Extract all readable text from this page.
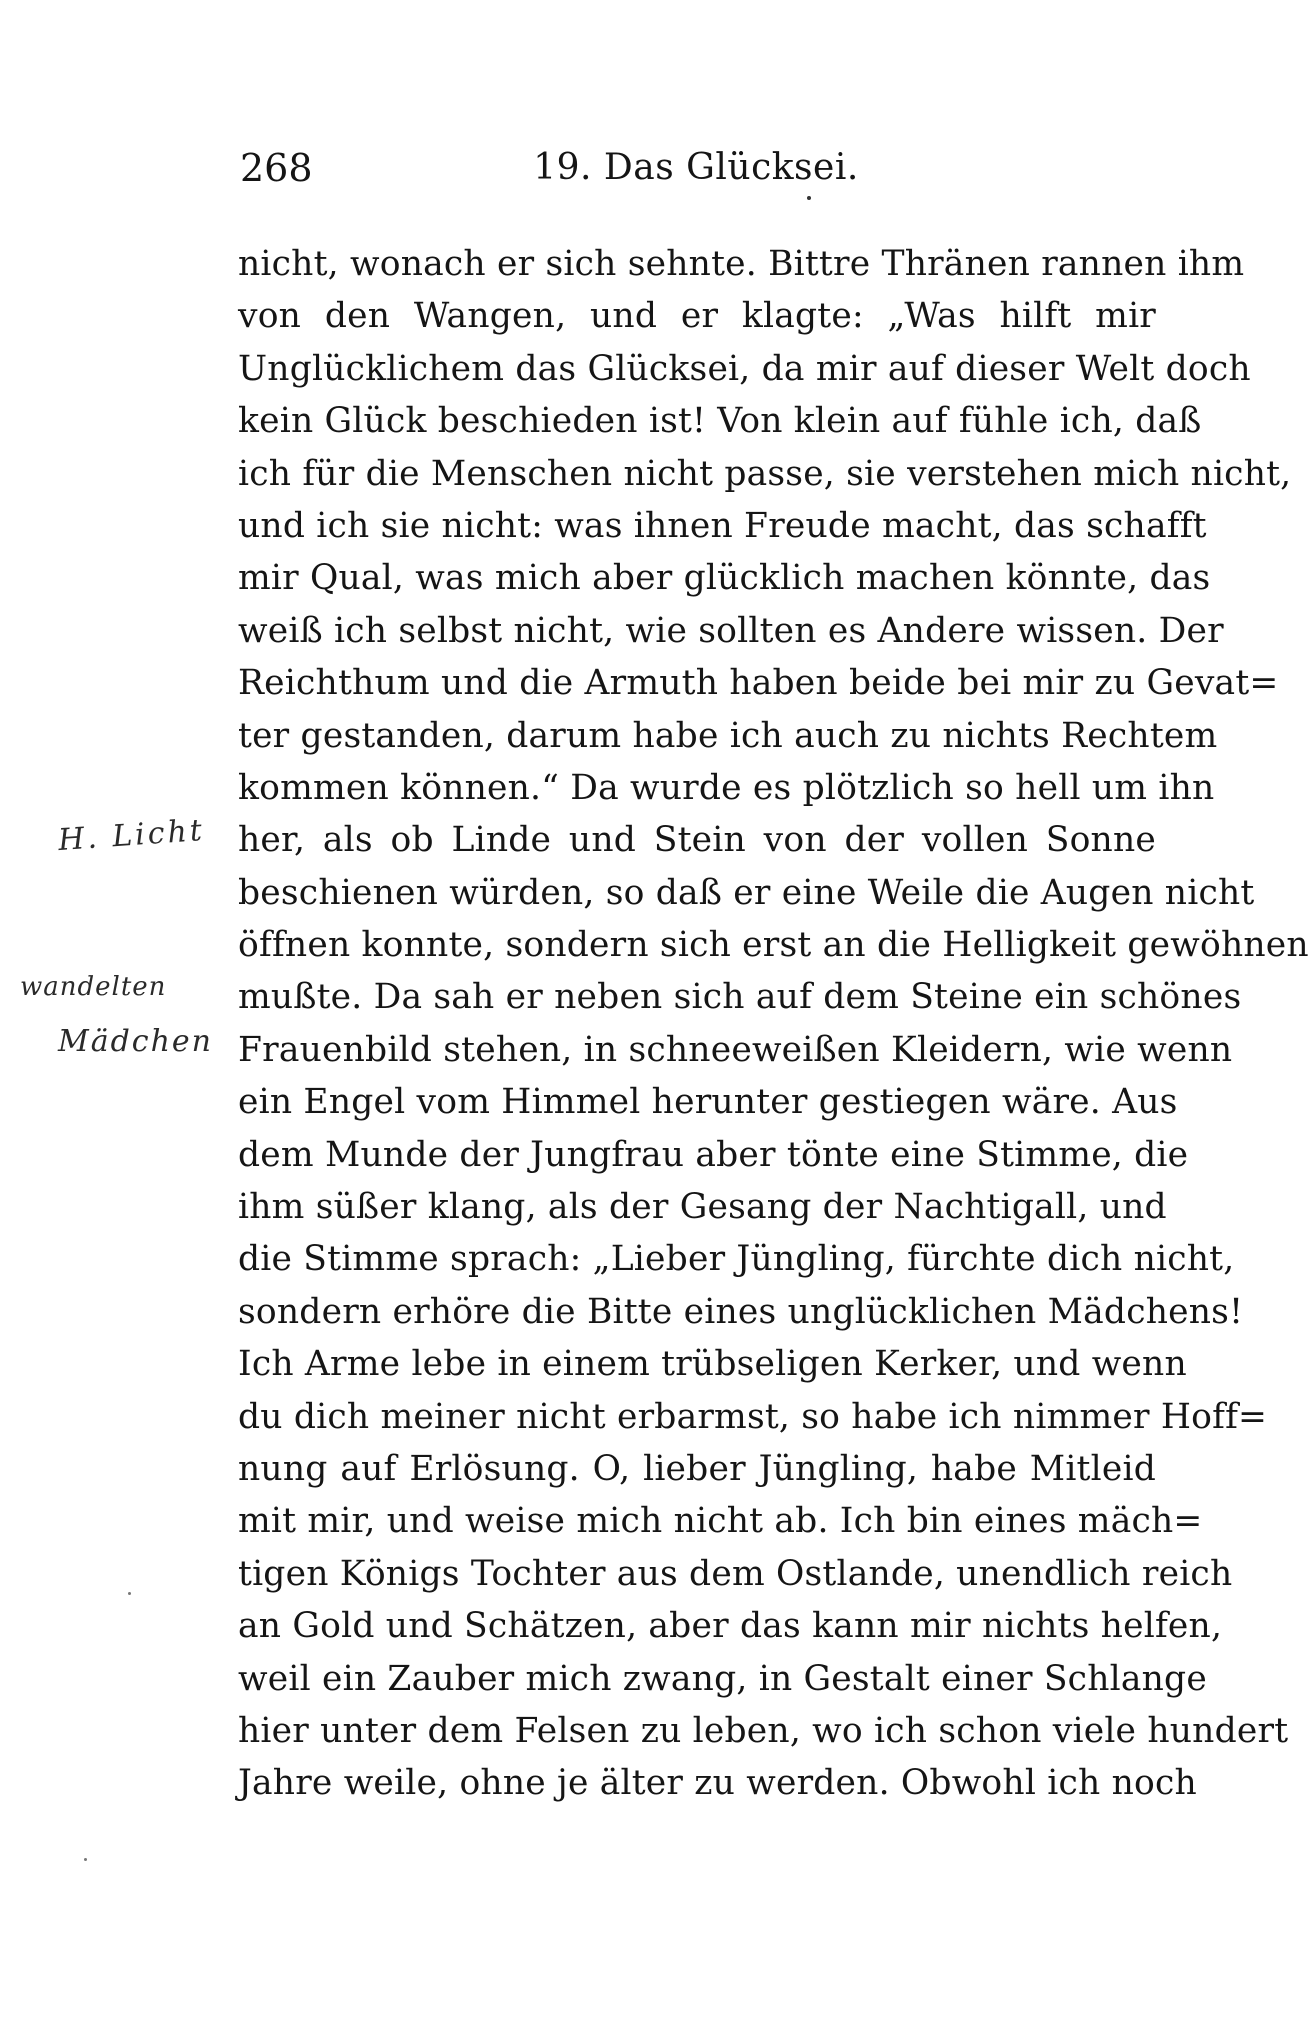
268	19. Das Glücksei.
nicht, wonach er sich sehnte. Bittre Thränen rannen ihm
von den Wangen, und er klagte: „Was hilft mir
Unglücklichem das Glücksei, da mir auf dieser Welt doch
kein Glück beschieden ist! Von klein auf fühle ich, daß
ich für die Menschen nicht passe, sie verstehen mich nicht,
und ich sie nicht: was ihnen Freude macht, das schafft
mir Qual, was mich aber glücklich machen könnte, das
weiß ich selbst nicht, wie sollten es Andere wissen. Der
Reichthum und die Armuth haben beide bei mir zu Gevat=
ter gestanden, darum habe ich auch zu nichts Rechtem
kommen können.“ Da wurde es plötzlich so hell um ihn
her, als ob Linde und Stein von der vollen Sonne
beschienen würden, so daß er eine Weile die Augen nicht
öffnen konnte, sondern sich erst an die Helligkeit gewöhnen
mußte. Da sah er neben sich auf dem Steine ein schönes
Frauenbild stehen, in schneeweißen Kleidern, wie wenn
ein Engel vom Himmel herunter gestiegen wäre. Aus
dem Munde der Jungfrau aber tönte eine Stimme, die
ihm süßer klang, als der Gesang der Nachtigall, und
die Stimme sprach: „Lieber Jüngling, fürchte dich nicht,
sondern erhöre die Bitte eines unglücklichen Mädchens!
Ich Arme lebe in einem trübseligen Kerker, und wenn
du dich meiner nicht erbarmst, so habe ich nimmer Hoff=
nung auf Erlösung. O, lieber Jüngling, habe Mitleid
mit mir, und weise mich nicht ab. Ich bin eines mäch=
tigen Königs Tochter aus dem Ostlande, unendlich reich
an Gold und Schätzen, aber das kann mir nichts helfen,
weil ein Zauber mich zwang, in Gestalt einer Schlange
hier unter dem Felsen zu leben, wo ich schon viele hundert
Jahre weile, ohne je älter zu werden. Obwohl ich noch
H. Licht
wandelten
Mädchen
